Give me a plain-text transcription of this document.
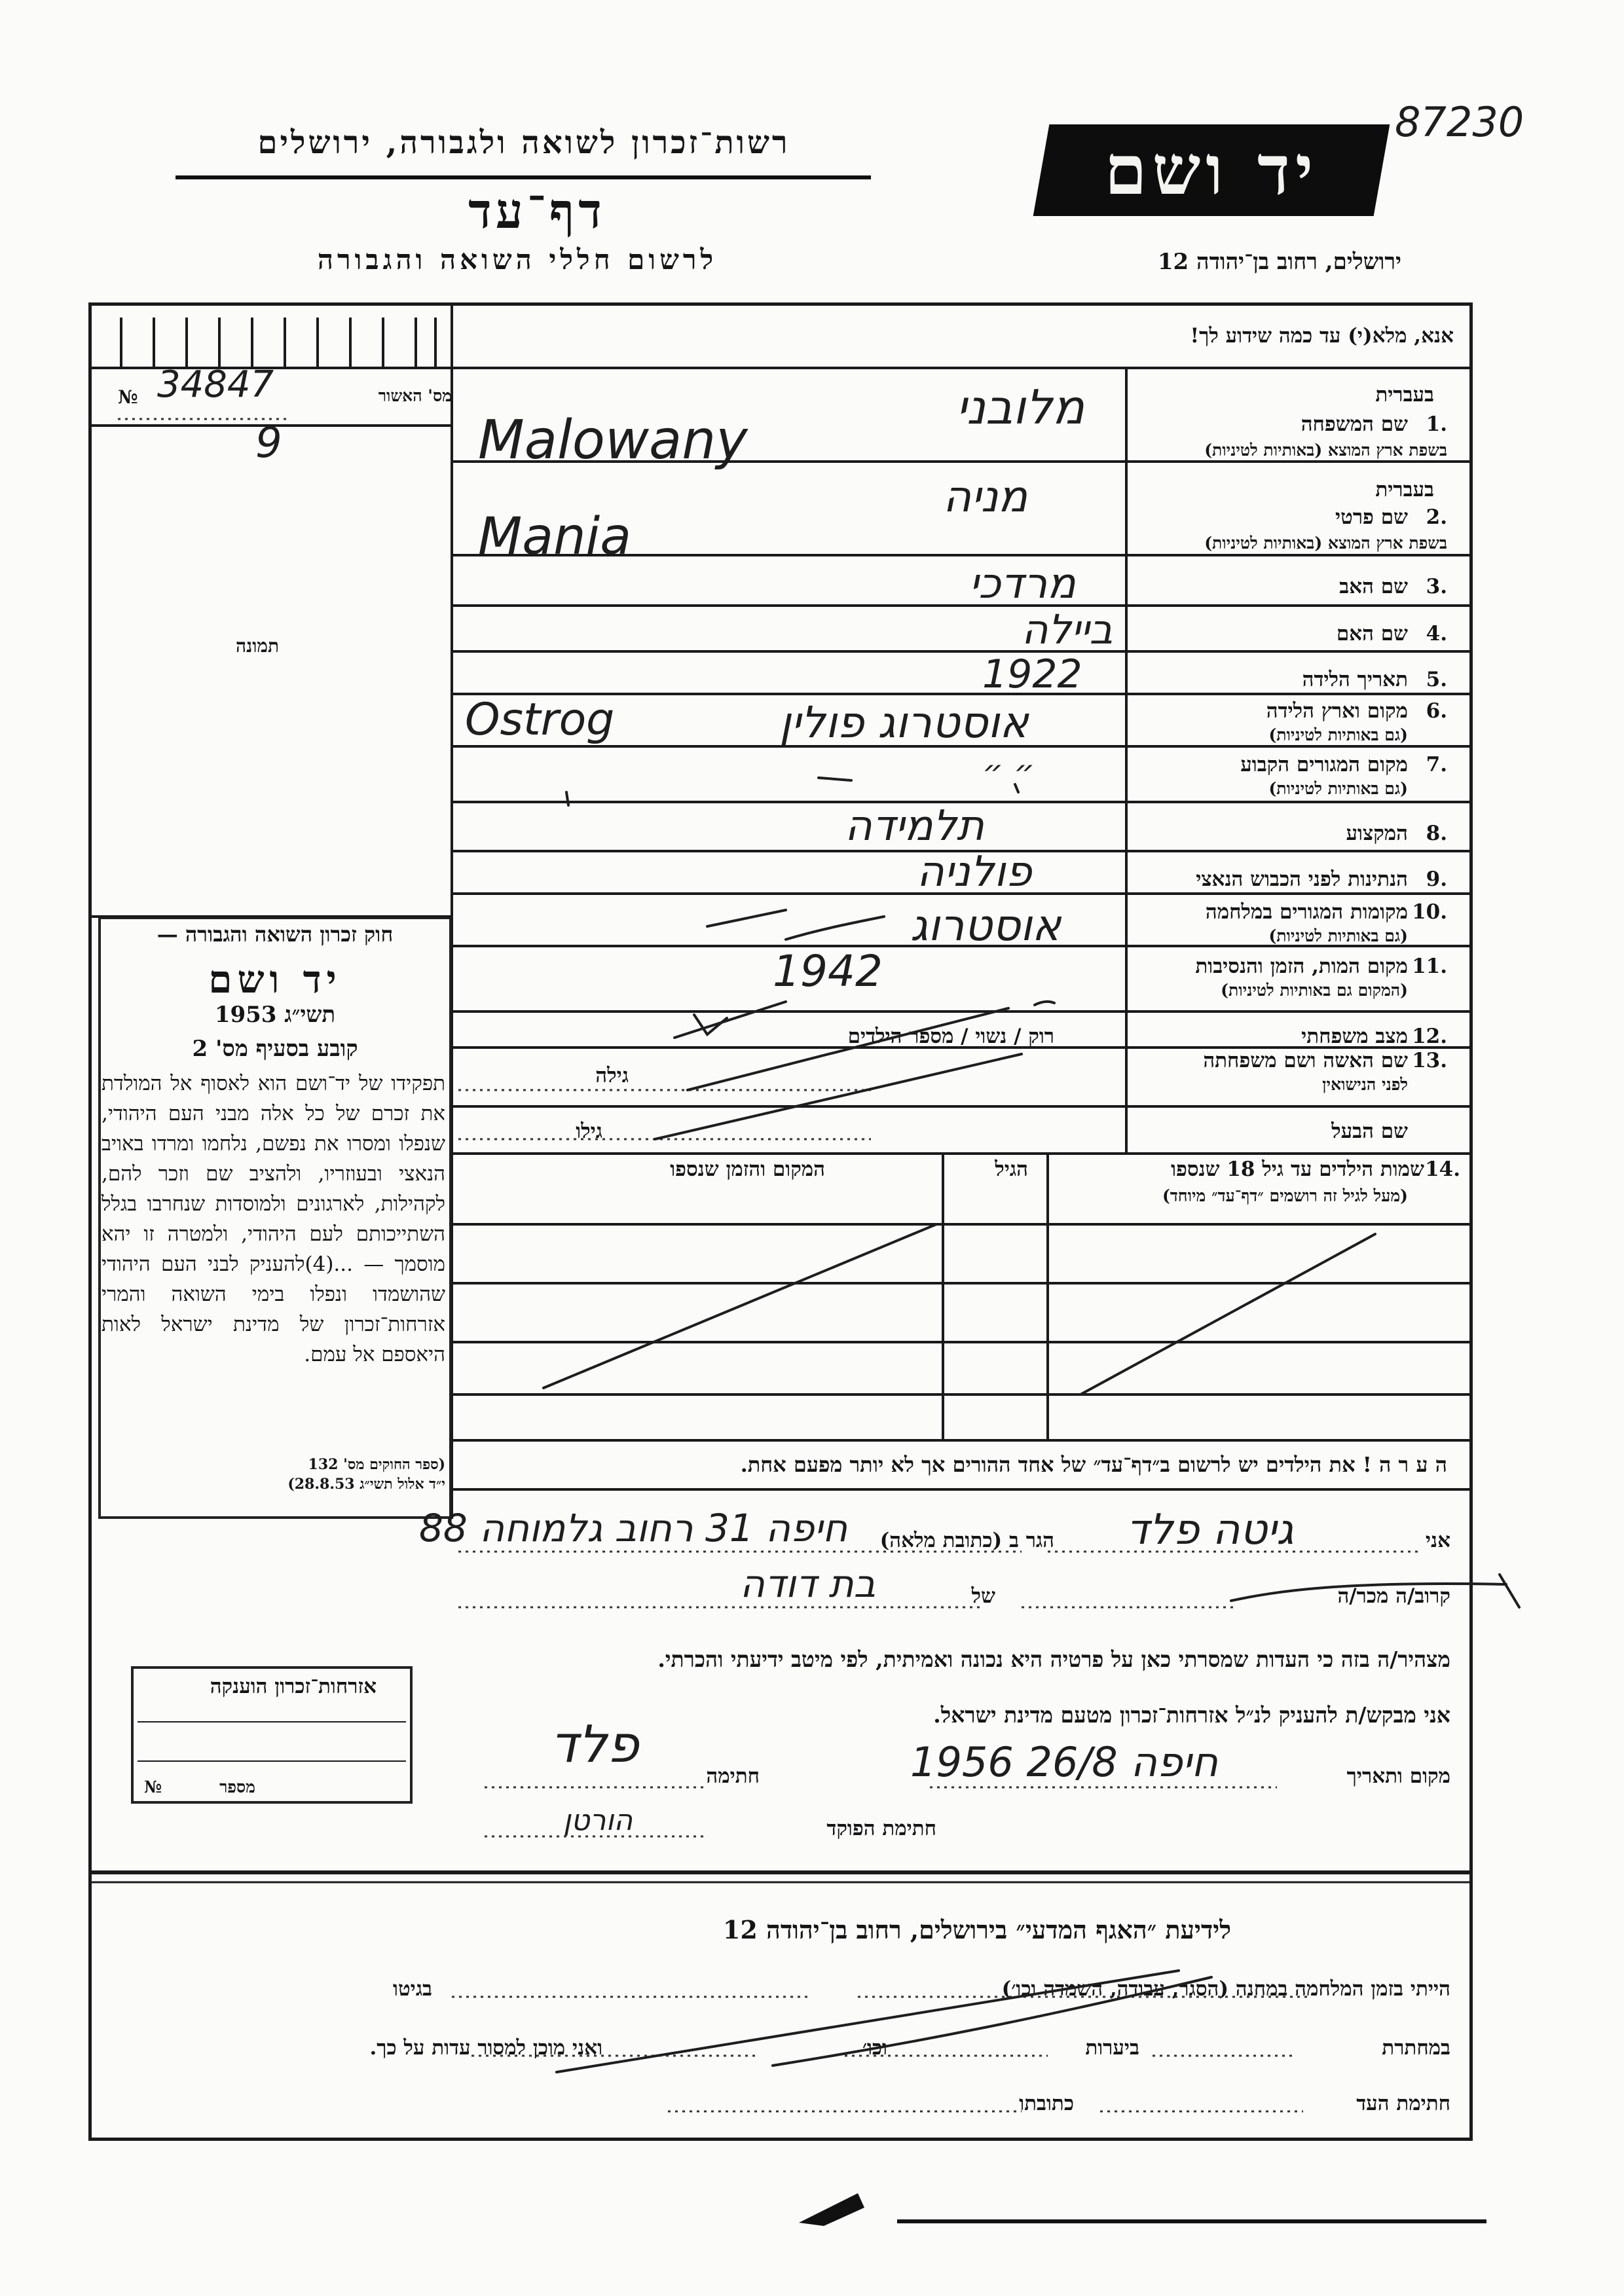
רשות־זכרון לשואה ולגבורה, ירושלים
דף־עד
לרשום חללי השואה והגבורה
יד ושם
ירושלים, רחוב בן־יהודה 12
87230
אנא, מלא(י) עד כמה שידוע לך!
מס' האשור
№ 34847
9
תמונה
בעברית
1.
שם המשפחה
בשפת ארץ המוצא (באותיות לטיניות)
בעברית
2.
שם פרטי
בשפת ארץ המוצא (באותיות לטיניות)
3.
שם האב
4.
שם האם
5.
תאריך הלידה
6.
מקום וארץ הלידה
(גם באותיות לטיניות)
7.
מקום המגורים הקבוע
(גם באותיות לטיניות)
8.
המקצוע
9.
הנתינות לפני הכבוש הנאצי
10.
מקומות המגורים במלחמה
(גם באותיות לטיניות)
11.
מקום המות, הזמן והנסיבות
(המקום גם באותיות לטיניות)
12.
מצב משפחתי
רוק / נשוי / מספר הילדים
13.
שם האשה ושם משפחתה
לפני הנישואין
גילה
שם הבעל
גילו
14.
שמות הילדים עד גיל 18 שנספו
(מעל לגיל זה רושמים ״דף־עד״ מיוחד)
הגיל
המקום והזמן שנספו
ה ע ר ה ! את הילדים יש לרשום ב״דף־עד״ של אחד ההורים אך לא יותר מפעם אחת.
מלובני
Malowany
מניה
Mania
מרדכי
ביילה
1922
אוסטרוג פולין
Ostrog
״ ״
תלמידה
פולניה
אוסטרוג
1942
חוק זכרון השואה והגבורה —
יד ושם
תשי״ג 1953
קובע בסעיף מס' 2
תפקידו של יד־ושם הוא לאסוף אל המולדת את זכרם של כל אלה מבני העם היהודי, שנפלו ומסרו את נפשם, נלחמו ומרדו באויב הנאצי ובעוזריו, ולהציב שם וזכר להם, לקהילות, לארגונים ולמוסדות שנחרבו בגלל השתייכותם לעם היהודי, ולמטרה זו יהא מוסמך — ...(4)להעניק לבני העם היהודי שהושמדו ונפלו בימי השואה והמרי אזרחות־זכרון של מדינת ישראל לאות היאספם אל עמם.
(ספר החוקים מס' 132
י״ד אלול תשי״ג 28.8.53)
אני
גיטה פלד
הגר ב (כתובת מלאה)
חיפה 31 רחוב גלמוחה 88
קרוב/ה מכר/ה
של
בת דודה
מצהיר/ה בזה כי העדות שמסרתי כאן על פרטיה היא נכונה ואמיתית, לפי מיטב ידיעתי והכרתי.
אני מבקש/ת להעניק לנ״ל אזרחות־זכרון מטעם מדינת ישראל.
מקום ותאריך
חיפה 26/8 1956
חתימה
פלד
חתימת הפוקד
הורטן
אזרחות־זכרון הוענקה
מספר
№
לידיעת ״האגף המדעי״ בירושלים, רחוב בן־יהודה 12
הייתי בזמן המלחמה במחנה (הסגר, עבודה, השמדה וכו׳)
בגיטו
במחתרת
ביערות
וכו׳
ואני מוכן למסור עדות על כך.
חתימת העד
כתובתו
